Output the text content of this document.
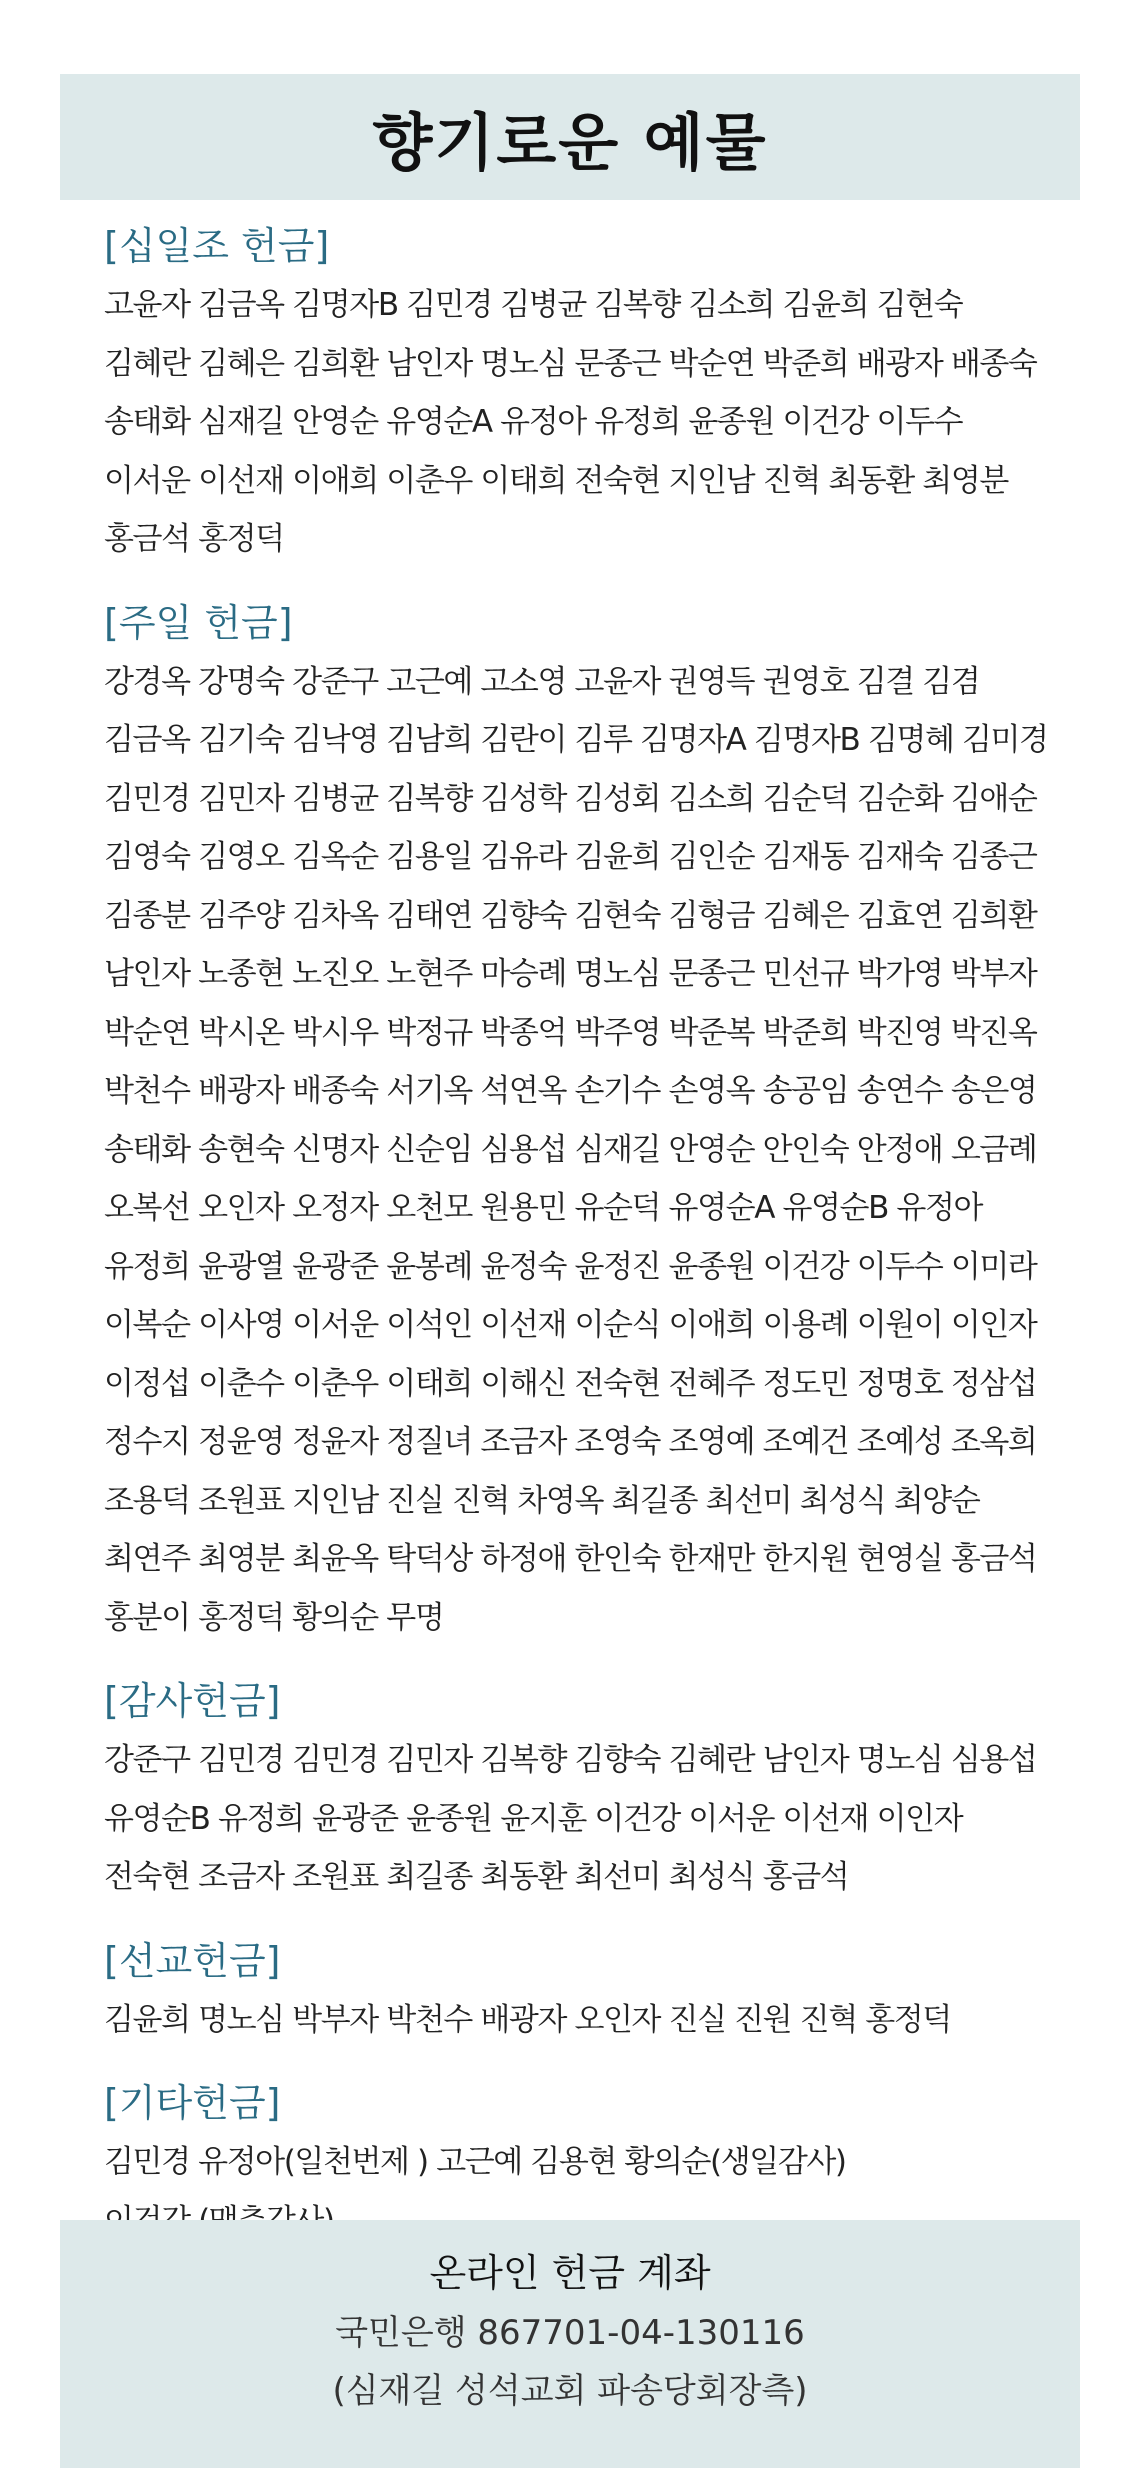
향기로운 예물
[십일조 헌금]
고윤자 김금옥 김명자B 김민경 김병균 김복향 김소희 김윤희 김현숙
김혜란 김혜은 김희환 남인자 명노심 문종근 박순연 박준희 배광자 배종숙
송태화 심재길 안영순 유영순A 유정아 유정희 윤종원 이건강 이두수
이서운 이선재 이애희 이춘우 이태희 전숙현 지인남 진혁 최동환 최영분
홍금석 홍정덕
[주일 헌금]
강경옥 강명숙 강준구 고근예 고소영 고윤자 권영득 권영호 김결 김겸
김금옥 김기숙 김낙영 김남희 김란이 김루 김명자A 김명자B 김명혜 김미경
김민경 김민자 김병균 김복향 김성학 김성회 김소희 김순덕 김순화 김애순
김영숙 김영오 김옥순 김용일 김유라 김윤희 김인순 김재동 김재숙 김종근
김종분 김주양 김차옥 김태연 김향숙 김현숙 김형금 김혜은 김효연 김희환
남인자 노종현 노진오 노현주 마승례 명노심 문종근 민선규 박가영 박부자
박순연 박시온 박시우 박정규 박종억 박주영 박준복 박준희 박진영 박진옥
박천수 배광자 배종숙 서기옥 석연옥 손기수 손영옥 송공임 송연수 송은영
송태화 송현숙 신명자 신순임 심용섭 심재길 안영순 안인숙 안정애 오금례
오복선 오인자 오정자 오천모 원용민 유순덕 유영순A 유영순B 유정아
유정희 윤광열 윤광준 윤봉례 윤정숙 윤정진 윤종원 이건강 이두수 이미라
이복순 이사영 이서운 이석인 이선재 이순식 이애희 이용례 이원이 이인자
이정섭 이춘수 이춘우 이태희 이해신 전숙현 전혜주 정도민 정명호 정삼섭
정수지 정윤영 정윤자 정질녀 조금자 조영숙 조영예 조예건 조예성 조옥희
조용덕 조원표 지인남 진실 진혁 차영옥 최길종 최선미 최성식 최양순
최연주 최영분 최윤옥 탁덕상 하정애 한인숙 한재만 한지원 현영실 홍금석
홍분이 홍정덕 황의순 무명
[감사헌금]
강준구 김민경 김민경 김민자 김복향 김향숙 김혜란 남인자 명노심 심용섭
유영순B 유정희 윤광준 윤종원 윤지훈 이건강 이서운 이선재 이인자
전숙현 조금자 조원표 최길종 최동환 최선미 최성식 홍금석
[선교헌금]
김윤희 명노심 박부자 박천수 배광자 오인자 진실 진원 진혁 홍정덕
[기타헌금]
김민경 유정아(일천번제 ) 고근예 김용현 황의순(생일감사)
온라인 헌금 계좌
국민은행 867701-04-130116
(심재길 성석교회 파송당회장측)
